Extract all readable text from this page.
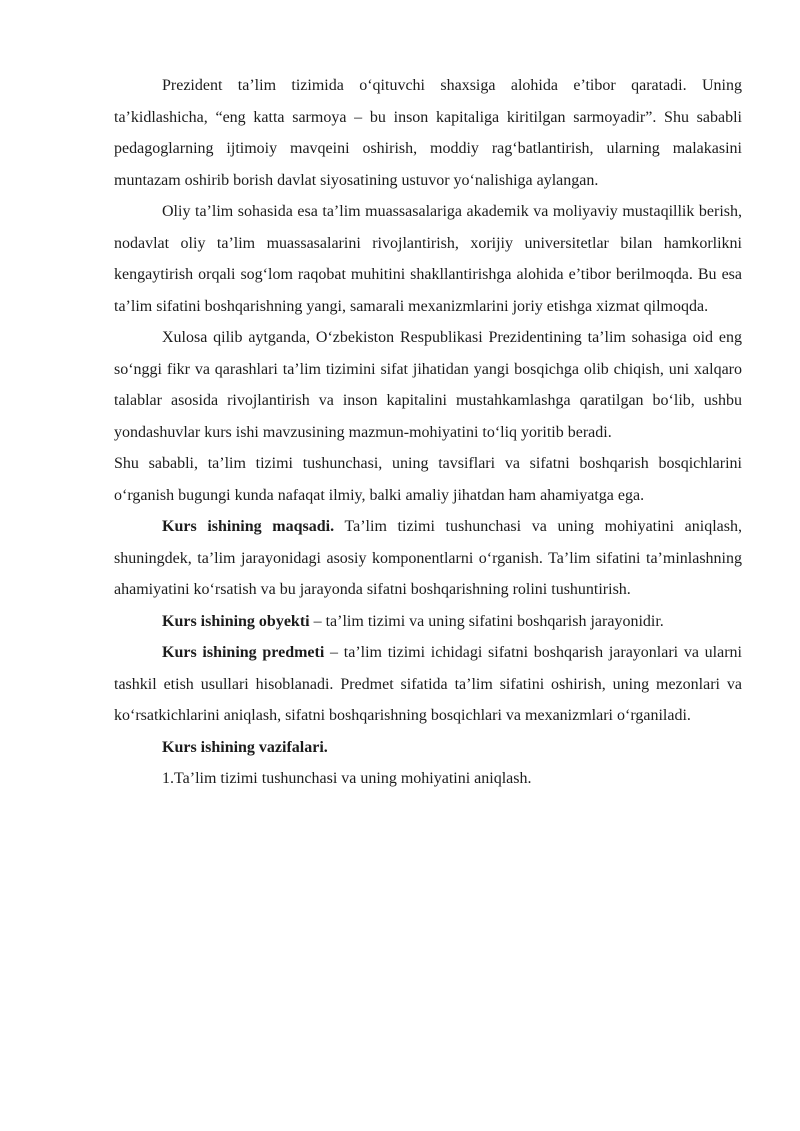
Prezident ta’lim tizimida o‘qituvchi shaxsiga alohida e’tibor qaratadi. Uning ta’kidlashicha, “eng katta sarmoya – bu inson kapitaliga kiritilgan sarmoyadir”. Shu sababli pedagoglarning ijtimoiy mavqeini oshirish, moddiy rag‘batlantirish, ularning malakasini muntazam oshirib borish davlat siyosatining ustuvor yo‘nalishiga aylangan.

Oliy ta’lim sohasida esa ta’lim muassasalariga akademik va moliyaviy mustaqillik berish, nodavlat oliy ta’lim muassasalarini rivojlantirish, xorijiy universitetlar bilan hamkorlikni kengaytirish orqali sog‘lom raqobat muhitini shakllantirishga alohida e’tibor berilmoqda. Bu esa ta’lim sifatini boshqarishning yangi, samarali mexanizmlarini joriy etishga xizmat qilmoqda.

Xulosa qilib aytganda, O‘zbekiston Respublikasi Prezidentining ta’lim sohasiga oid eng so‘nggi fikr va qarashlari ta’lim tizimini sifat jihatidan yangi bosqichga olib chiqish, uni xalqaro talablar asosida rivojlantirish va inson kapitalini mustahkamlashga qaratilgan bo‘lib, ushbu yondashuvlar kurs ishi mavzusining mazmun-mohiyatini to‘liq yoritib beradi.

Shu sababli, ta’lim tizimi tushunchasi, uning tavsiflari va sifatni boshqarish bosqichlarini o‘rganish bugungi kunda nafaqat ilmiy, balki amaliy jihatdan ham ahamiyatga ega.

Kurs ishining maqsadi. Ta’lim tizimi tushunchasi va uning mohiyatini aniqlash, shuningdek, ta’lim jarayonidagi asosiy komponentlarni o‘rganish. Ta’lim sifatini ta’minlashning ahamiyatini ko‘rsatish va bu jarayonda sifatni boshqarishning rolini tushuntirish.

Kurs ishining obyekti – ta’lim tizimi va uning sifatini boshqarish jarayonidir.

Kurs ishining predmeti – ta’lim tizimi ichidagi sifatni boshqarish jarayonlari va ularni tashkil etish usullari hisoblanadi. Predmet sifatida ta’lim sifatini oshirish, uning mezonlari va ko‘rsatkichlarini aniqlash, sifatni boshqarishning bosqichlari va mexanizmlari o‘rganiladi.

Kurs ishining vazifalari.

1.Ta’lim tizimi tushunchasi va uning mohiyatini aniqlash.
